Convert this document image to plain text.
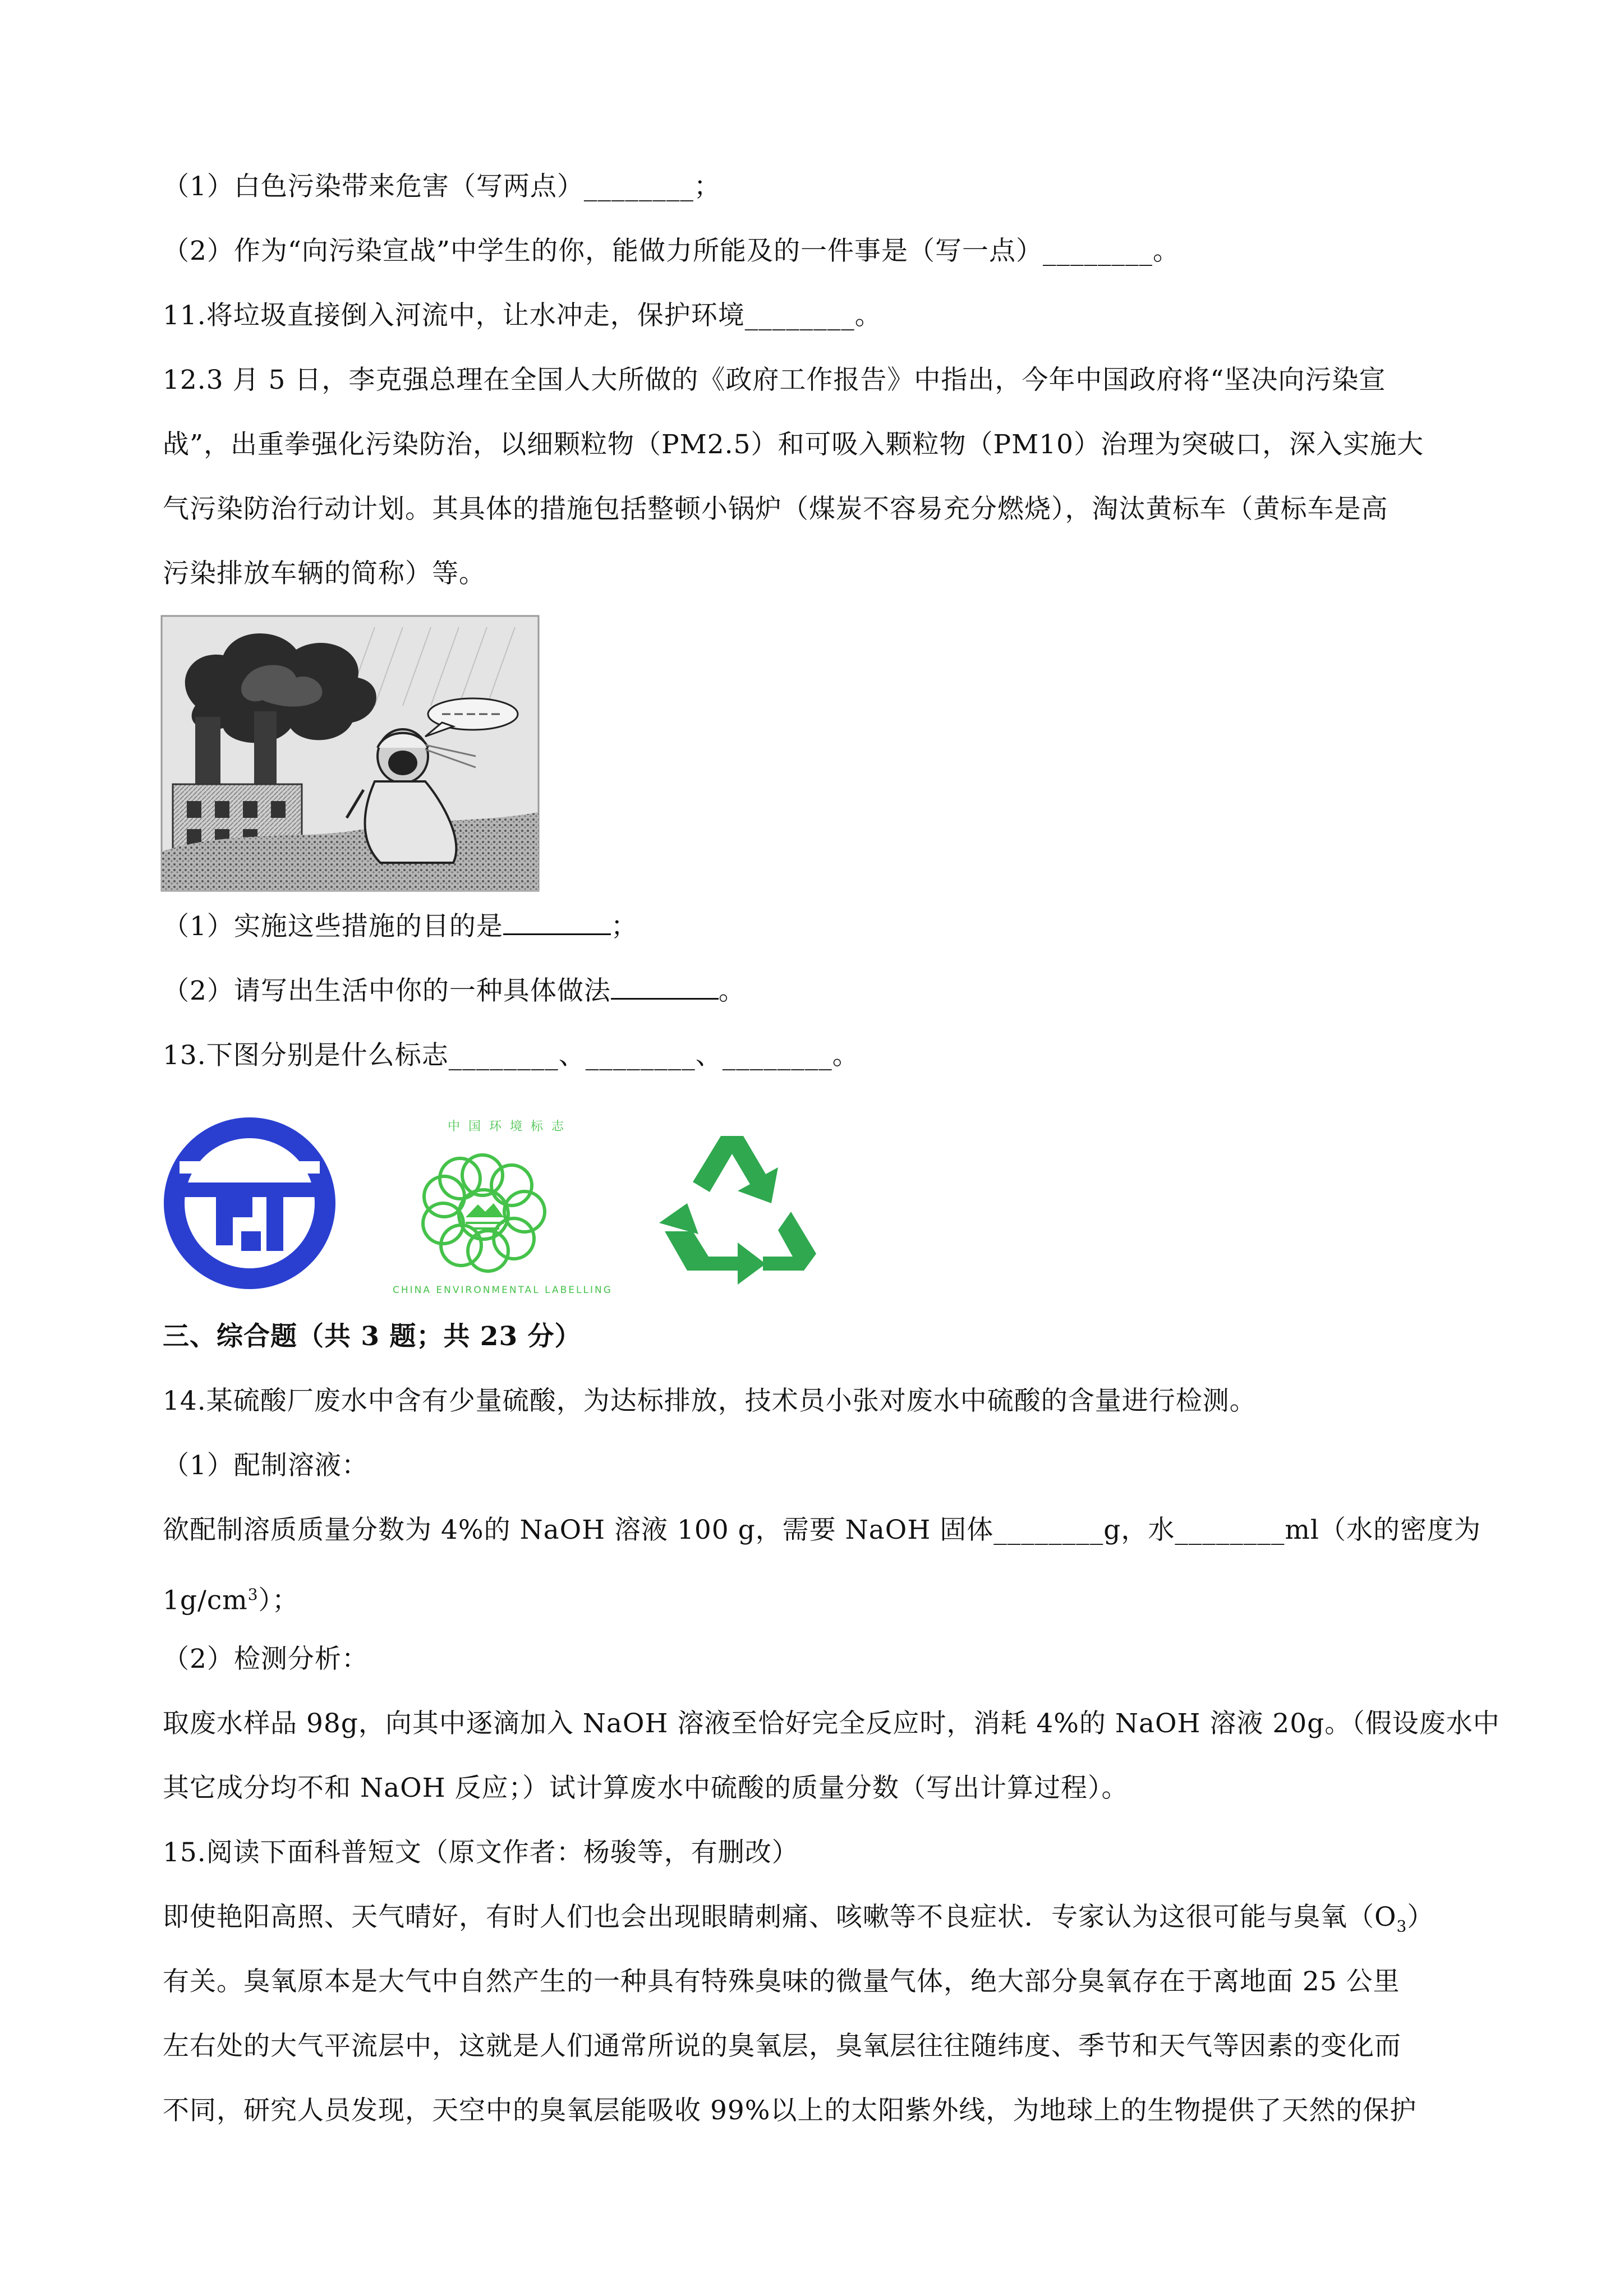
（1）白色污染带来危害（写两点）________；
（2）作为“向污染宣战”中学生的你，能做力所能及的一件事是（写一点）________。
11.将垃圾直接倒入河流中，让水冲走，保护环境________。
12.3 月 5 日，李克强总理在全国人大所做的《政府工作报告》中指出，今年中国政府将“坚决向污染宣
战”，出重拳强化污染防治，以细颗粒物（PM2.5）和可吸入颗粒物（PM10）治理为突破口，深入实施大
气污染防治行动计划。其具体的措施包括整顿小锅炉（煤炭不容易充分燃烧），淘汰黄标车（黄标车是高
污染排放车辆的简称）等。
（1）实施这些措施的目的是	；
（2）请写出生活中你的一种具体做法	。
13.下图分别是什么标志________、________、________。
中 国 环 境 标 志
CHINA ENVIRONMENTAL LABELLING
三、综合题（共 3 题；共 23 分）
14.某硫酸厂废水中含有少量硫酸，为达标排放，技术员小张对废水中硫酸的含量进行检测。
（1）配制溶液：
欲配制溶质质量分数为 4%的 NaOH 溶液 100 g，需要 NaOH 固体________g，水________ml（水的密度为
$1g/cm^3$）；
（2）检测分析：
取废水样品 98g，向其中逐滴加入 NaOH 溶液至恰好完全反应时，消耗 4%的 NaOH 溶液 20g。（假设废水中
其它成分均不和 NaOH 反应；）试计算废水中硫酸的质量分数（写出计算过程）。
15.阅读下面科普短文（原文作者：杨骏等，有删改）
即使艳阳高照、天气晴好，有时人们也会出现眼睛刺痛、咳嗽等不良症状．专家认为这很可能与臭氧$(O_3)$
有关。臭氧原本是大气中自然产生的一种具有特殊臭味的微量气体，绝大部分臭氧存在于离地面 25 公里
左右处的大气平流层中，这就是人们通常所说的臭氧层，臭氧层往往随纬度、季节和天气等因素的变化而
不同，研究人员发现，天空中的臭氧层能吸收 99%以上的太阳紫外线，为地球上的生物提供了天然的保护
